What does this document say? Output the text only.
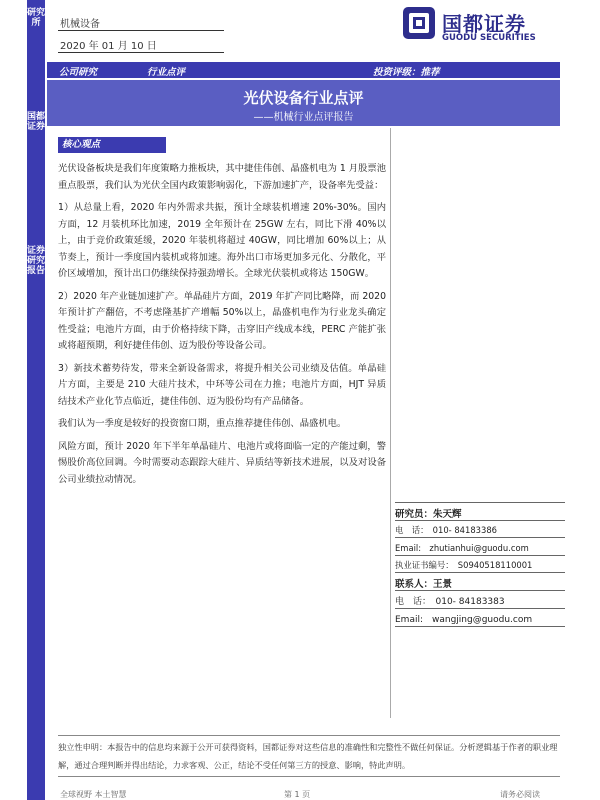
研究所
国都证券
证券研究报告
机械设备
2020 年 01 月 10 日
国都证券
GUODU SECURITIES
公司研究	行业点评	投资评级：推荐
光伏设备行业点评
——机械行业点评报告
核心观点

光伏设备板块是我们年度策略力推板块，其中捷佳伟创、晶盛机电为 1 月股票池重点股票，我们认为光伏全国内政策影响弱化，下游加速扩产，设备率先受益：

1）从总量上看，2020 年内外需求共振，预计全球装机增速 20%-30%。国内方面，12 月装机环比加速，2019 全年预计在 25GW 左右，同比下滑 40%以上，由于竞价政策延缓，2020 年装机将超过 40GW，同比增加 60%以上；从节奏上，预计一季度国内装机或将加速。海外出口市场更加多元化、分散化，平价区域增加，预计出口仍继续保持强劲增长。全球光伏装机或将达 150GW。

2）2020 年产业链加速扩产。单晶硅片方面，2019 年扩产同比略降，而 2020 年预计扩产翻倍，不考虑隆基扩产增幅 50%以上，晶盛机电作为行业龙头确定性受益；电池片方面，由于价格持续下降，击穿旧产线成本线，PERC 产能扩张或将超预期，利好捷佳伟创、迈为股份等设备公司。

3）新技术蓄势待发，带来全新设备需求，将提升相关公司业绩及估值。单晶硅片方面，主要是 210 大硅片技术，中环等公司在力推；电池片方面，HJT 异质结技术产业化节点临近，捷佳伟创、迈为股份均有产品储备。

我们认为一季度是较好的投资窗口期，重点推荐捷佳伟创、晶盛机电。

风险方面，预计 2020 年下半年单晶硅片、电池片或将面临一定的产能过剩，警惕股价高位回调。今时需要动态跟踪大硅片、异质结等新技术进展，以及对设备公司业绩拉动情况。

研究员：朱天辉
电　话：　010- 84183386
Email:　zhutianhui@guodu.com
执业证书编号：　S0940518110001
联系人：王景
电　话：　010- 84183383
Email:　wangjing@guodu.com
独立性申明：本报告中的信息均来源于公开可获得资料，国都证券对这些信息的准确性和完整性不做任何保证。分析逻辑基于作者的职业理解，通过合理判断并得出结论，力求客观、公正，结论不受任何第三方的授意、影响，特此声明。
全球视野 本土智慧	第 1 页	请务必阅读
